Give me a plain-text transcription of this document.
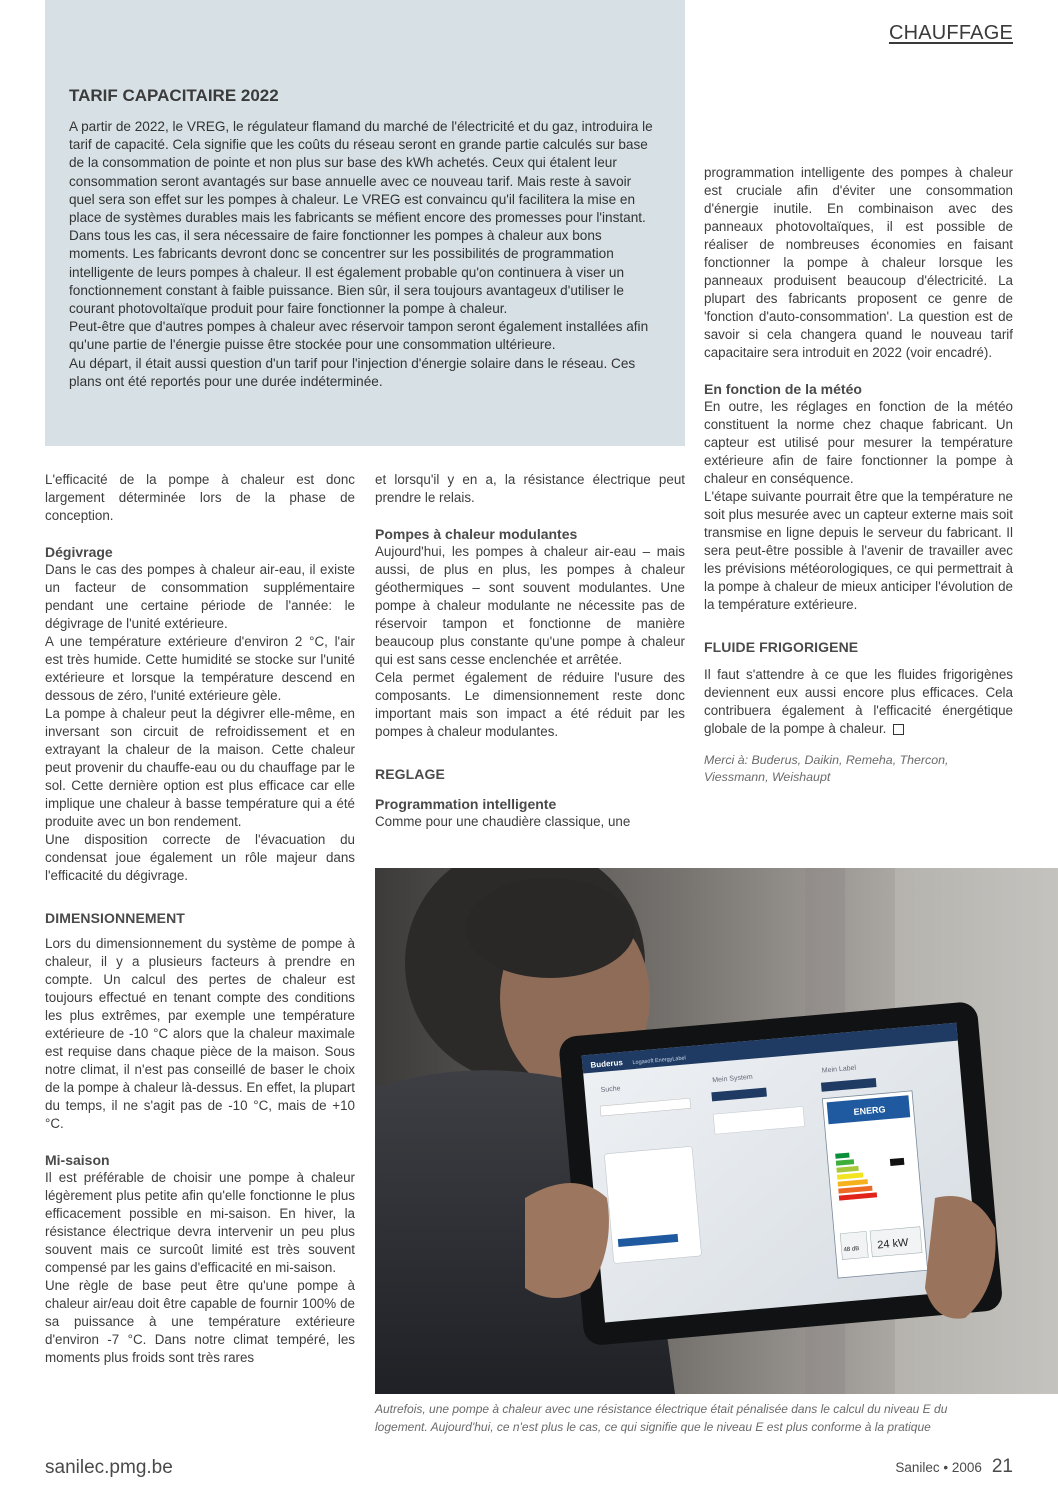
CHAUFFAGE
TARIF CAPACITAIRE 2022

A partir de 2022, le VREG, le régulateur flamand du marché de l'électricité et du gaz, introduira le tarif de capacité. Cela signifie que les coûts du réseau seront en grande partie calculés sur base de la consommation de pointe et non plus sur base des kWh achetés. Ceux qui étalent leur consommation seront avantagés sur base annuelle avec ce nouveau tarif. Mais reste à savoir quel sera son effet sur les pompes à chaleur. Le VREG est convaincu qu'il facilitera la mise en place de systèmes durables mais les fabricants se méfient encore des promesses pour l'instant.

Dans tous les cas, il sera nécessaire de faire fonctionner les pompes à chaleur aux bons moments. Les fabricants devront donc se concentrer sur les possibilités de programmation intelligente de leurs pompes à chaleur. Il est également probable qu'on continuera à viser un fonctionnement constant à faible puissance. Bien sûr, il sera toujours avantageux d'utiliser le courant photovoltaïque produit pour faire fonctionner la pompe à chaleur.

Peut-être que d'autres pompes à chaleur avec réservoir tampon seront également installées afin qu'une partie de l'énergie puisse être stockée pour une consommation ultérieure.

Au départ, il était aussi question d'un tarif pour l'injection d'énergie solaire dans le réseau. Ces plans ont été reportés pour une durée indéterminée.

L'efficacité de la pompe à chaleur est donc largement déterminée lors de la phase de conception.

Dégivrage

Dans le cas des pompes à chaleur air-eau, il existe un facteur de consommation supplémentaire pendant une certaine période de l'année: le dégivrage de l'unité extérieure.

A une température extérieure d'environ 2 °C, l'air est très humide. Cette humidité se stocke sur l'unité extérieure et lorsque la température descend en dessous de zéro, l'unité extérieure gèle.

La pompe à chaleur peut la dégivrer elle-même, en inversant son circuit de refroidissement et en extrayant la chaleur de la maison. Cette chaleur peut provenir du chauffe-eau ou du chauffage par le sol. Cette dernière option est plus efficace car elle implique une chaleur à basse température qui a été produite avec un bon rendement.

Une disposition correcte de l'évacuation du condensat joue également un rôle majeur dans l'efficacité du dégivrage.

DIMENSIONNEMENT

Lors du dimensionnement du système de pompe à chaleur, il y a plusieurs facteurs à prendre en compte. Un calcul des pertes de chaleur est toujours effectué en tenant compte des conditions les plus extrêmes, par exemple une température extérieure de -10 °C alors que la chaleur maximale est requise dans chaque pièce de la maison. Sous notre climat, il n'est pas conseillé de baser le choix de la pompe à chaleur là-dessus. En effet, la plupart du temps, il ne s'agit pas de -10 °C, mais de +10 °C.

Mi-saison

Il est préférable de choisir une pompe à chaleur légèrement plus petite afin qu'elle fonctionne le plus efficacement possible en mi-saison. En hiver, la résistance électrique devra intervenir un peu plus souvent mais ce surcoût limité est très souvent compensé par les gains d'efficacité en mi-saison.

Une règle de base peut être qu'une pompe à chaleur air/eau doit être capable de fournir 100% de sa puissance à une température extérieure d'environ -7 °C. Dans notre climat tempéré, les moments plus froids sont très rares

et lorsqu'il y en a, la résistance électrique peut prendre le relais.

Pompes à chaleur modulantes

Aujourd'hui, les pompes à chaleur air-eau – mais aussi, de plus en plus, les pompes à chaleur géothermiques – sont souvent modulantes. Une pompe à chaleur modulante ne nécessite pas de réservoir tampon et fonctionne de manière beaucoup plus constante qu'une pompe à chaleur qui est sans cesse enclenchée et arrêtée.

Cela permet également de réduire l'usure des composants. Le dimensionnement reste donc important mais son impact a été réduit par les pompes à chaleur modulantes.

REGLAGE
Programmation intelligente

Comme pour une chaudière classique, une

programmation intelligente des pompes à chaleur est cruciale afin d'éviter une consommation d'énergie inutile. En combinaison avec des panneaux photovoltaïques, il est possible de réaliser de nombreuses économies en faisant fonctionner la pompe à chaleur lorsque les panneaux produisent beaucoup d'électricité. La plupart des fabricants proposent ce genre de 'fonction d'auto-consommation'. La question est de savoir si cela changera quand le nouveau tarif capacitaire sera introduit en 2022 (voir encadré).

En fonction de la météo

En outre, les réglages en fonction de la météo constituent la norme chez chaque fabricant. Un capteur est utilisé pour mesurer la température extérieure afin de faire fonctionner la pompe à chaleur en conséquence.

L'étape suivante pourrait être que la température ne soit plus mesurée avec un capteur externe mais soit transmise en ligne depuis le serveur du fabricant. Il sera peut-être possible à l'avenir de travailler avec les prévisions météorologiques, ce qui permettrait à la pompe à chaleur de mieux anticiper l'évolution de la température extérieure.

FLUIDE FRIGORIGENE

Il faut s'attendre à ce que les fluides frigorigènes deviennent eux aussi encore plus efficaces. Cela contribuera également à l'efficacité énergétique globale de la pompe à chaleur.

Merci à: Buderus, Daikin, Remeha, Thercon, Viessmann, Weishaupt

Buderus Logasoft EnergyLabel
Suche
Mein System
Mein Label
ENERG
48 dB 24 kW
Autrefois, une pompe à chaleur avec une résistance électrique était pénalisée dans le calcul du niveau E du logement. Aujourd'hui, ce n'est plus le cas, ce qui signifie que le niveau E est plus conforme à la pratique
sanilec.pmg.be	Sanilec • 2006 21
